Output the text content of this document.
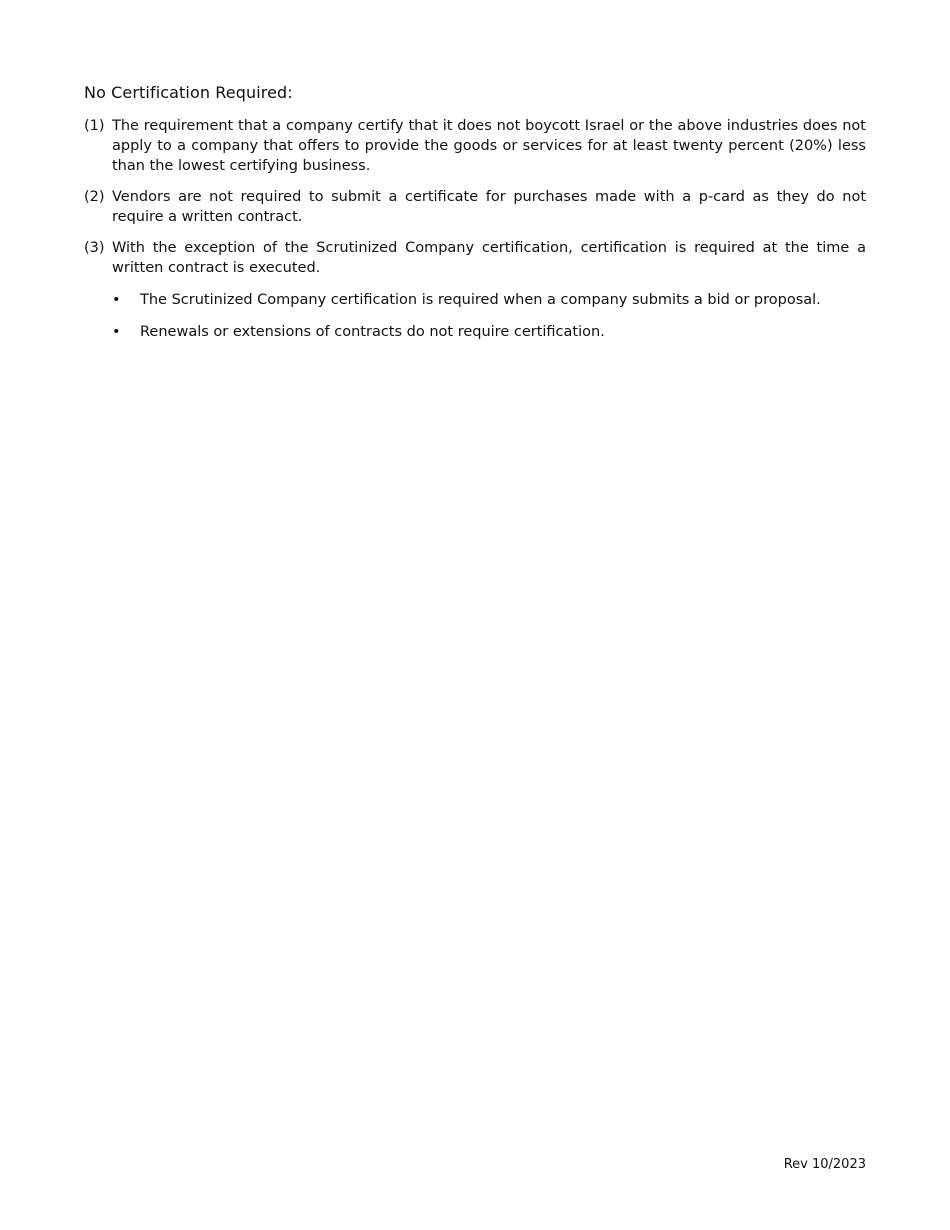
No Certification Required:
(1) The requirement that a company certify that it does not boycott Israel or the above industries does not apply to a company that offers to provide the goods or services for at least twenty percent (20%) less than the lowest certifying business.
(2) Vendors are not required to submit a certificate for purchases made with a p-card as they do not require a written contract.
(3) With the exception of the Scrutinized Company certification, certification is required at the time a written contract is executed.
• The Scrutinized Company certification is required when a company submits a bid or proposal.
• Renewals or extensions of contracts do not require certification.
Rev 10/2023
